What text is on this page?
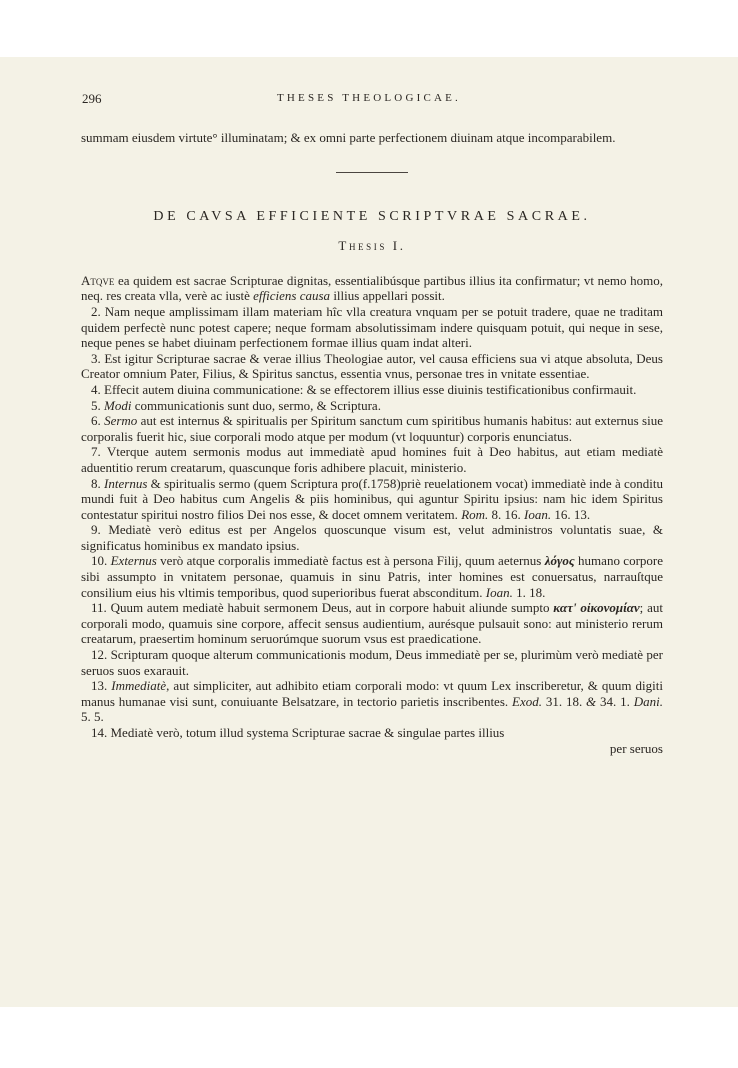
296	THESES THEOLOGICAE.

summam eiusdem virtute° illuminatam; & ex omni parte perfectionem diuinam atque incomparabilem.

DE CAVSA EFFICIENTE SCRIPTVRAE SACRAE.
Thesis I.

Atqve ea quidem est sacrae Scripturae dignitas, essentialibúsque partibus illius ita confirmatur; vt nemo homo, neq. res creata vlla, verè ac iustè efficiens causa illius appellari possit.

2. Nam neque amplissimam illam materiam hîc vlla creatura vnquam per se potuit tradere, quae ne traditam quidem perfectè nunc potest capere; neque formam absolutissimam indere quisquam potuit, qui neque in sese, neque penes se habet diuinam perfectionem formae illius quam indat alteri.

3. Est igitur Scripturae sacrae & verae illius Theologiae autor, vel causa efficiens sua vi atque absoluta, Deus Creator omnium Pater, Filius, & Spiritus sanctus, essentia vnus, personae tres in vnitate essentiae.

4. Effecit autem diuina communicatione: & se effectorem illius esse diuinis testificationibus confirmauit.

5. Modi communicationis sunt duo, sermo, & Scriptura.

6. Sermo aut est internus & spiritualis per Spiritum sanctum cum spiritibus humanis habitus: aut externus siue corporalis fuerit hic, siue corporali modo atque per modum (vt loquuntur) corporis enunciatus.

7. Vterque autem sermonis modus aut immediatè apud homines fuit à Deo habitus, aut etiam mediatè aduentitio rerum creatarum, quascunque foris adhibere placuit, ministerio.

8. Internus & spiritualis sermo (quem Scriptura pro(f.1758)priè reuelationem vocat) immediatè inde à conditu mundi fuit à Deo habitus cum Angelis & piis hominibus, qui aguntur Spiritu ipsius: nam hic idem Spiritus contestatur spiritui nostro filios Dei nos esse, & docet omnem veritatem. Rom. 8. 16. Ioan. 16. 13.

9. Mediatè verò editus est per Angelos quoscunque visum est, velut administros voluntatis suae, & significatus hominibus ex mandato ipsius.

10. Externus verò atque corporalis immediatè factus est à persona Filij, quum aeternus λόγος humano corpore sibi assumpto in vnitatem personae, quamuis in sinu Patris, inter homines est conuersatus, narrauſtque consilium eius his vltimis temporibus, quod superioribus fuerat absconditum. Ioan. 1. 18.

11. Quum autem mediatè habuit sermonem Deus, aut in corpore habuit aliunde sumpto κατ' οἰκονομίαν; aut corporali modo, quamuis sine corpore, affecit sensus audientium, aurésque pulsauit sono: aut ministerio rerum creatarum, praesertim hominum seruorúmque suorum vsus est praedicatione.

12. Scripturam quoque alterum communicationis modum, Deus immediatè per se, plurimùm verò mediatè per seruos suos exarauit.

13. Immediatè, aut simpliciter, aut adhibito etiam corporali modo: vt quum Lex inscriberetur, & quum digiti manus humanae visi sunt, conuiuante Belsatzare, in tectorio parietis inscribentes. Exod. 31. 18. & 34. 1. Dani. 5. 5.

14. Mediatè verò, totum illud systema Scripturae sacrae & singulae partes illius

per seruos
